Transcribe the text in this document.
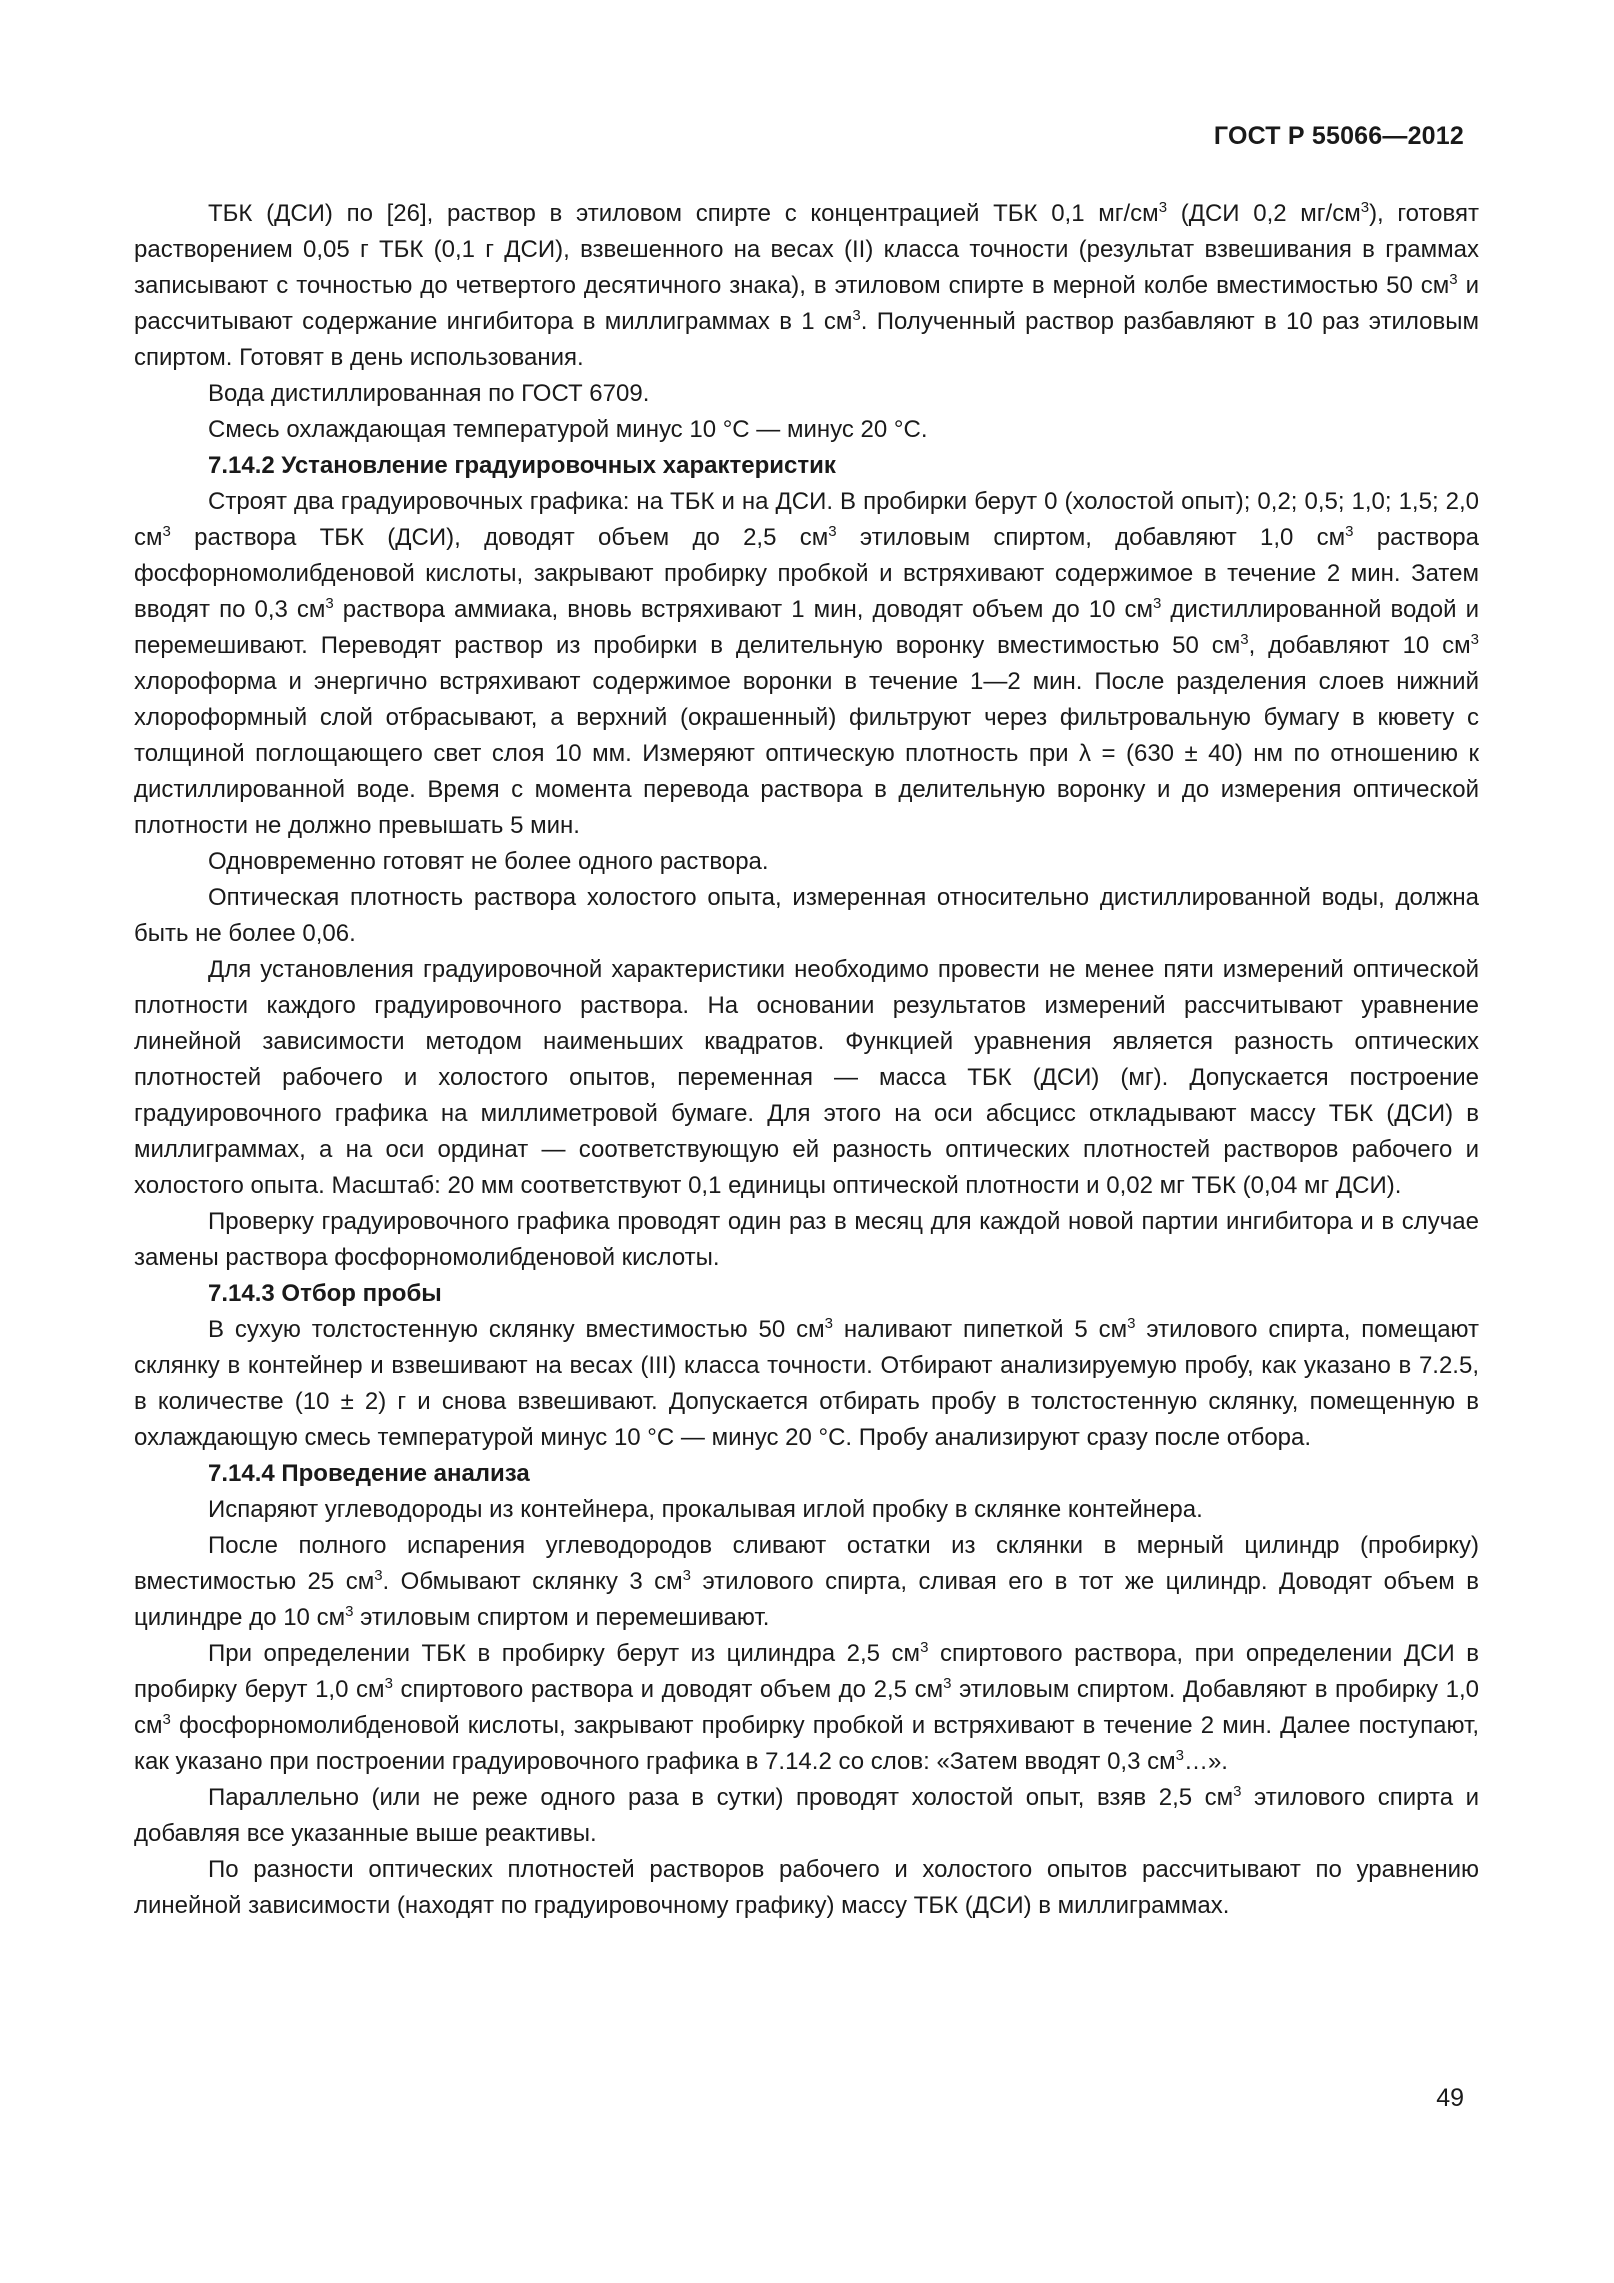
ГОСТ Р 55066—2012

ТБК (ДСИ) по [26], раствор в этиловом спирте с концентрацией ТБК 0,1 $мг/см^3$ (ДСИ 0,2 $мг/см^3$), готовят растворением 0,05 г ТБК (0,1 г ДСИ), взвешенного на весах (II) класса точности (результат взвешивания в граммах записывают с точностью до четвертого десятичного знака), в этиловом спирте в мерной колбе вместимостью 50 $см^3$ и рассчитывают содержание ингибитора в миллиграммах в 1 $см^3$. Полученный раствор разбавляют в 10 раз этиловым спиртом. Готовят в день использования.

Вода дистиллированная по ГОСТ 6709.

Смесь охлаждающая температурой минус 10 °С — минус 20 °С.

7.14.2 Установление градуировочных характеристик

Строят два градуировочных графика: на ТБК и на ДСИ. В пробирки берут 0 (холостой опыт); 0,2; 0,5; 1,0; 1,5; 2,0 $см^3$ раствора ТБК (ДСИ), доводят объем до 2,5 $см^3$ этиловым спиртом, добавляют 1,0 $см^3$ раствора фосфорномолибденовой кислоты, закрывают пробирку пробкой и встряхивают содержимое в течение 2 мин. Затем вводят по 0,3 $см^3$ раствора аммиака, вновь встряхивают 1 мин, доводят объем до 10 $см^3$ дистиллированной водой и перемешивают. Переводят раствор из пробирки в делительную воронку вместимостью 50 $см^3$, добавляют 10 $см^3$ хлороформа и энергично встряхивают содержимое воронки в течение 1—2 мин. После разделения слоев нижний хлороформный слой отбрасывают, а верхний (окрашенный) фильтруют через фильтровальную бумагу в кювету с толщиной поглощающего свет слоя 10 мм. Измеряют оптическую плотность при λ = (630 ± 40) нм по отношению к дистиллированной воде. Время с момента перевода раствора в делительную воронку и до измерения оптической плотности не должно превышать 5 мин.

Одновременно готовят не более одного раствора.

Оптическая плотность раствора холостого опыта, измеренная относительно дистиллированной воды, должна быть не более 0,06.

Для установления градуировочной характеристики необходимо провести не менее пяти измерений оптической плотности каждого градуировочного раствора. На основании результатов измерений рассчитывают уравнение линейной зависимости методом наименьших квадратов. Функцией уравнения является разность оптических плотностей рабочего и холостого опытов, переменная — масса ТБК (ДСИ) (мг). Допускается построение градуировочного графика на миллиметровой бумаге. Для этого на оси абсцисс откладывают массу ТБК (ДСИ) в миллиграммах, а на оси ординат — соответствующую ей разность оптических плотностей растворов рабочего и холостого опыта. Масштаб: 20 мм соответствуют 0,1 единицы оптической плотности и 0,02 мг ТБК (0,04 мг ДСИ).

Проверку градуировочного графика проводят один раз в месяц для каждой новой партии ингибитора и в случае замены раствора фосфорномолибденовой кислоты.

7.14.3 Отбор пробы

В сухую толстостенную склянку вместимостью 50 $см^3$ наливают пипеткой 5 $см^3$ этилового спирта, помещают склянку в контейнер и взвешивают на весах (III) класса точности. Отбирают анализируемую пробу, как указано в 7.2.5, в количестве (10 ± 2) г и снова взвешивают. Допускается отбирать пробу в толстостенную склянку, помещенную в охлаждающую смесь температурой минус 10 °С — минус 20 °С. Пробу анализируют сразу после отбора.

7.14.4 Проведение анализа

Испаряют углеводороды из контейнера, прокалывая иглой пробку в склянке контейнера.

После полного испарения углеводородов сливают остатки из склянки в мерный цилиндр (пробирку) вместимостью 25 $см^3$. Обмывают склянку 3 $см^3$ этилового спирта, сливая его в тот же цилиндр. Доводят объем в цилиндре до 10 $см^3$ этиловым спиртом и перемешивают.

При определении ТБК в пробирку берут из цилиндра 2,5 $см^3$ спиртового раствора, при определении ДСИ в пробирку берут 1,0 $см^3$ спиртового раствора и доводят объем до 2,5 $см^3$ этиловым спиртом. Добавляют в пробирку 1,0 $см^3$ фосфорномолибденовой кислоты, закрывают пробирку пробкой и встряхивают в течение 2 мин. Далее поступают, как указано при построении градуировочного графика в 7.14.2 со слов: «Затем вводят 0,3 $см^3\dots$».

Параллельно (или не реже одного раза в сутки) проводят холостой опыт, взяв 2,5 $см^3$ этилового спирта и добавляя все указанные выше реактивы.

По разности оптических плотностей растворов рабочего и холостого опытов рассчитывают по уравнению линейной зависимости (находят по градуировочному графику) массу ТБК (ДСИ) в миллиграммах.

49
